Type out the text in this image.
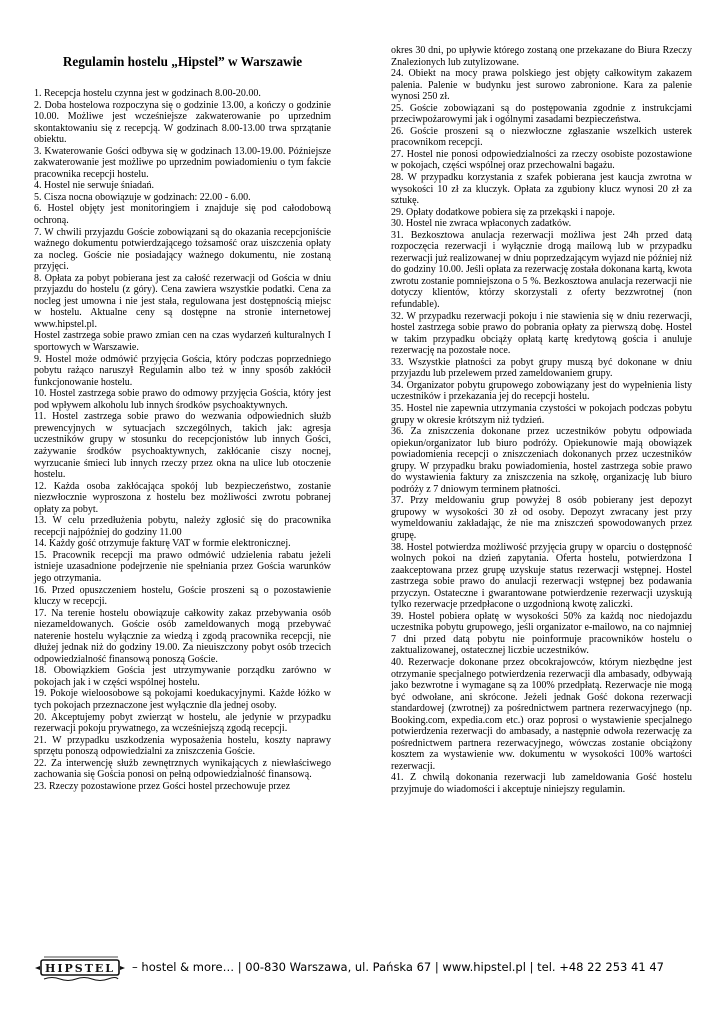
Regulamin hostelu „Hipstel” w Warszawie

1. Recepcja hostelu czynna jest w godzinach 8.00-20.00.

2. Doba hostelowa rozpoczyna się o godzinie 13.00, a kończy o godzinie 10.00. Możliwe jest wcześniejsze zakwaterowanie po uprzednim skontaktowaniu się z recepcją. W godzinach 8.00-13.00 trwa sprzątanie obiektu.

3. Kwaterowanie Gości odbywa się w godzinach 13.00-19.00. Późniejsze zakwaterowanie jest możliwe po uprzednim powiadomieniu o tym fakcie pracownika recepcji hostelu.

4. Hostel nie serwuje śniadań.

5. Cisza nocna obowiązuje w godzinach: 22.00 - 6.00.

6. Hostel objęty jest monitoringiem i znajduje się pod całodobową ochroną.

7. W chwili przyjazdu Goście zobowiązani są do okazania recepcjoniście ważnego dokumentu potwierdzającego tożsamość oraz uiszczenia opłaty za nocleg. Goście nie posiadający ważnego dokumentu, nie zostaną przyjęci.

8. Opłata za pobyt pobierana jest za całość rezerwacji od Gościa w dniu przyjazdu do hostelu (z góry). Cena zawiera wszystkie podatki. Cena za nocleg jest umowna i nie jest stała, regulowana jest dostępnością miejsc w hostelu. Aktualne ceny są dostępne na stronie internetowej www.hipstel.pl.

Hostel zastrzega sobie prawo zmian cen na czas wydarzeń kulturalnych I sportowych w Warszawie.

9. Hostel może odmówić przyjęcia Gościa, który podczas poprzedniego pobytu rażąco naruszył Regulamin albo też w inny sposób zakłócił funkcjonowanie hostelu.

10. Hostel zastrzega sobie prawo do odmowy przyjęcia Gościa, który jest pod wpływem alkoholu lub innych środków psychoaktywnych.

11. Hostel zastrzega sobie prawo do wezwania odpowiednich służb prewencyjnych w sytuacjach szczególnych, takich jak: agresja uczestników grupy w stosunku do recepcjonistów lub innych Gości, zażywanie środków psychoaktywnych, zakłócanie ciszy nocnej, wyrzucanie śmieci lub innych rzeczy przez okna na ulice lub otoczenie hostelu.

12. Każda osoba zakłócająca spokój lub bezpieczeństwo, zostanie niezwłocznie wyproszona z hostelu bez możliwości zwrotu pobranej opłaty za pobyt.

13. W celu przedłużenia pobytu, należy zgłosić się do pracownika recepcji najpóźniej do godziny 11.00

14. Każdy gość otrzymuje fakturę VAT w formie elektronicznej.

15. Pracownik recepcji ma prawo odmówić udzielenia rabatu jeżeli istnieje uzasadnione podejrzenie nie spełniania przez Gościa warunków jego otrzymania.

16. Przed opuszczeniem hostelu, Goście proszeni są o pozostawienie kluczy w recepcji.

17. Na terenie hostelu obowiązuje całkowity zakaz przebywania osób niezameldowanych. Goście osób zameldowanych mogą przebywać naterenie hostelu wyłącznie za wiedzą i zgodą pracownika recepcji, nie dłużej jednak niż do godziny 19.00. Za nieuiszczony pobyt osób trzecich odpowiedzialność finansową ponoszą Goście.

18. Obowiązkiem Gościa jest utrzymywanie porządku zarówno w pokojach jak i w części wspólnej hostelu.

19. Pokoje wieloosobowe są pokojami koedukacyjnymi. Każde łóżko w tych pokojach przeznaczone jest wyłącznie dla jednej osoby.

20. Akceptujemy pobyt zwierząt w hostelu, ale jedynie w przypadku rezerwacji pokoju prywatnego, za wcześniejszą zgodą recepcji.

21. W przypadku uszkodzenia wyposażenia hostelu, koszty naprawy sprzętu ponoszą odpowiedzialni za zniszczenia Goście.

22. Za interwencję służb zewnętrznych wynikających z niewłaściwego zachowania się Gościa ponosi on pełną odpowiedzialność finansową.

23. Rzeczy pozostawione przez Gości hostel przechowuje przez

okres 30 dni, po upływie którego zostaną one przekazane do Biura Rzeczy Znalezionych lub zutylizowane.

24. Obiekt na mocy prawa polskiego jest objęty całkowitym zakazem palenia. Palenie w budynku jest surowo zabronione. Kara za palenie wynosi 250 zł.

25. Goście zobowiązani są do postępowania zgodnie z instrukcjami przeciwpożarowymi jak i ogólnymi zasadami bezpieczeństwa.

26. Goście proszeni są o niezwłoczne zgłaszanie wszelkich usterek pracownikom recepcji.

27. Hostel nie ponosi odpowiedzialności za rzeczy osobiste pozostawione w pokojach, części wspólnej oraz przechowalni bagażu.

28. W przypadku korzystania z szafek pobierana jest kaucja zwrotna w wysokości 10 zł za kluczyk. Opłata za zgubiony klucz wynosi 20 zł za sztukę.

29. Opłaty dodatkowe pobiera się za przekąski i napoje.

30. Hostel nie zwraca wpłaconych zadatków.

31. Bezkosztowa anulacja rezerwacji możliwa jest 24h przed datą rozpoczęcia rezerwacji i wyłącznie drogą mailową lub w przypadku rezerwacji już realizowanej w dniu poprzedzającym wyjazd nie później niż do godziny 10.00. Jeśli opłata za rezerwację została dokonana kartą, kwota zwrotu zostanie pomniejszona o 5 %. Bezkosztowa anulacja rezerwacji nie dotyczy klientów, którzy skorzystali z oferty bezzwrotnej (non refundable).

32. W przypadku rezerwacji pokoju i nie stawienia się w dniu rezerwacji, hostel zastrzega sobie prawo do pobrania opłaty za pierwszą dobę. Hostel w takim przypadku obciąży opłatą kartę kredytową gościa i anuluje rezerwację na pozostałe noce.

33. Wszystkie płatności za pobyt grupy muszą być dokonane w dniu przyjazdu lub przelewem przed zameldowaniem grupy.

34. Organizator pobytu grupowego zobowiązany jest do wypełnienia listy uczestników i przekazania jej do recepcji hostelu.

35. Hostel nie zapewnia utrzymania czystości w pokojach podczas pobytu grupy w okresie krótszym niż tydzień.

36. Za zniszczenia dokonane przez uczestników pobytu odpowiada opiekun/organizator lub biuro podróży. Opiekunowie mają obowiązek powiadomienia recepcji o zniszczeniach dokonanych przez uczestników grupy. W przypadku braku powiadomienia, hostel zastrzega sobie prawo do wystawienia faktury za zniszczenia na szkołę, organizację lub biuro podróży z 7 dniowym terminem płatności.

37. Przy meldowaniu grup powyżej 8 osób pobierany jest depozyt grupowy w wysokości 30 zł od osoby. Depozyt zwracany jest przy wymeldowaniu zakładając, że nie ma zniszczeń spowodowanych przez grupę.

38. Hostel potwierdza możliwość przyjęcia grupy w oparciu o dostępność wolnych pokoi na dzień zapytania. Oferta hostelu, potwierdzona I zaakceptowana przez grupę uzyskuje status rezerwacji wstępnej. Hostel zastrzega sobie prawo do anulacji rezerwacji wstępnej bez podawania przyczyn. Ostateczne i gwarantowane potwierdzenie rezerwacji uzyskują tylko rezerwacje przedpłacone o uzgodnioną kwotę zaliczki.

39. Hostel pobiera opłatę w wysokości 50% za każdą noc niedojazdu uczestnika pobytu grupowego, jeśli organizator e-mailowo, na co najmniej 7 dni przed datą pobytu nie poinformuje pracowników hostelu o zaktualizowanej, ostatecznej liczbie uczestników.

40. Rezerwacje dokonane przez obcokrajowców, którym niezbędne jest otrzymanie specjalnego potwierdzenia rezerwacji dla ambasady, odbywają jako bezwrotne i wymagane są za 100% przedpłatą. Rezerwacje nie mogą być odwołane, ani skrócone. Jeżeli jednak Gość dokona rezerwacji standardowej (zwrotnej) za pośrednictwem partnera rezerwacyjnego (np. Booking.com, expedia.com etc.) oraz poprosi o wystawienie specjalnego potwierdzenia rezerwacji do ambasady, a następnie odwoła rezerwację za pośrednictwem partnera rezerwacyjnego, wówczas zostanie obciążony kosztem za wystawienie ww. dokumentu w wysokości 100% wartości rezerwacji.

41. Z chwilą dokonania rezerwacji lub zameldowania Gość hostelu przyjmuje do wiadomości i akceptuje niniejszy regulamin.

HIPSTEL – hostel & more… | 00-830 Warszawa, ul. Pańska 67 | www.hipstel.pl | tel. +48 22 253 41 47
